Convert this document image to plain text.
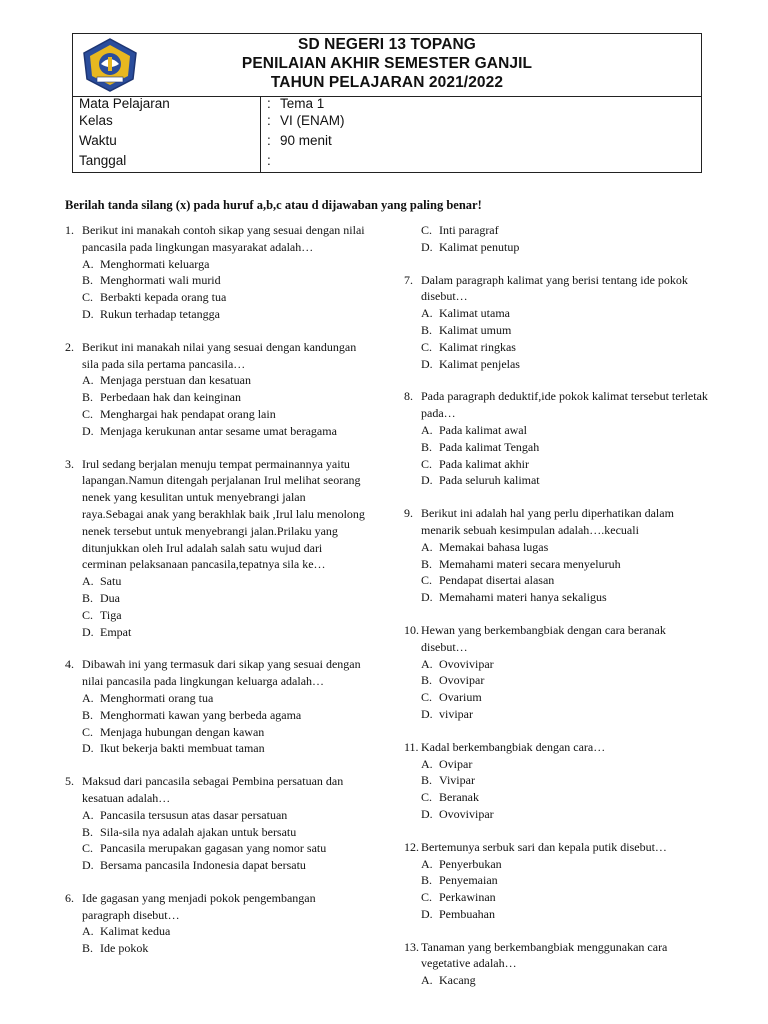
SD NEGERI 13 TOPANG
PENILAIAN AKHIR SEMESTER GANJIL
TAHUN PELAJARAN 2021/2022
Mata Pelajaran	: Tema 1
Kelas	: VI (ENAM)
Waktu	: 90 menit
Tanggal	:
Berilah tanda silang (x) pada huruf a,b,c atau d dijawaban yang paling benar!
1. Berikut ini manakah contoh sikap yang sesuai dengan nilai pancasila pada lingkungan masyarakat adalah…
A. Menghormati keluarga
B. Menghormati wali murid
C. Berbakti kepada orang tua
D. Rukun terhadap tetangga
2. Berikut ini manakah nilai yang sesuai dengan kandungan sila pada sila pertama pancasila…
A. Menjaga perstuan dan kesatuan
B. Perbedaan hak dan keinginan
C. Menghargai hak pendapat orang lain
D. Menjaga kerukunan antar sesame umat beragama
3. Irul sedang berjalan menuju tempat permainannya yaitu lapangan.Namun ditengah perjalanan Irul melihat seorang nenek yang kesulitan untuk menyebrangi jalan raya.Sebagai anak yang berakhlak baik ,Irul lalu menolong nenek tersebut untuk menyebrangi jalan.Prilaku yang ditunjukkan oleh Irul adalah salah satu wujud dari cerminan pelaksanaan pancasila,tepatnya sila ke…
A. Satu
B. Dua
C. Tiga
D. Empat
4. Dibawah ini yang termasuk dari sikap yang sesuai dengan nilai pancasila pada lingkungan keluarga adalah…
A. Menghormati orang tua
B. Menghormati kawan yang berbeda agama
C. Menjaga hubungan dengan kawan
D. Ikut bekerja bakti membuat taman
5. Maksud dari pancasila sebagai Pembina persatuan dan kesatuan adalah…
A. Pancasila tersusun atas dasar persatuan
B. Sila-sila nya adalah ajakan untuk bersatu
C. Pancasila merupakan gagasan yang nomor satu
D. Bersama pancasila Indonesia dapat bersatu
6. Ide gagasan yang menjadi pokok pengembangan paragraph disebut…
A. Kalimat kedua
B. Ide pokok
C. Inti paragraf
D. Kalimat penutup
7. Dalam paragraph kalimat yang berisi tentang ide pokok disebut…
A. Kalimat utama
B. Kalimat umum
C. Kalimat ringkas
D. Kalimat penjelas
8. Pada paragraph deduktif,ide pokok kalimat tersebut terletak pada…
A. Pada kalimat awal
B. Pada kalimat Tengah
C. Pada kalimat akhir
D. Pada seluruh kalimat
9. Berikut ini adalah hal yang perlu diperhatikan dalam menarik sebuah kesimpulan adalah….kecuali
A. Memakai bahasa lugas
B. Memahami materi secara menyeluruh
C. Pendapat disertai alasan
D. Memahami materi hanya sekaligus
10. Hewan yang berkembangbiak dengan cara beranak disebut…
A. Ovovivipar
B. Ovovipar
C. Ovarium
D. vivipar
11. Kadal berkembangbiak dengan cara…
A. Ovipar
B. Vivipar
C. Beranak
D. Ovovivipar
12. Bertemunya serbuk sari dan kepala putik disebut…
A. Penyerbukan
B. Penyemaian
C. Perkawinan
D. Pembuahan
13. Tanaman yang berkembangbiak menggunakan cara vegetative adalah…
A. Kacang
